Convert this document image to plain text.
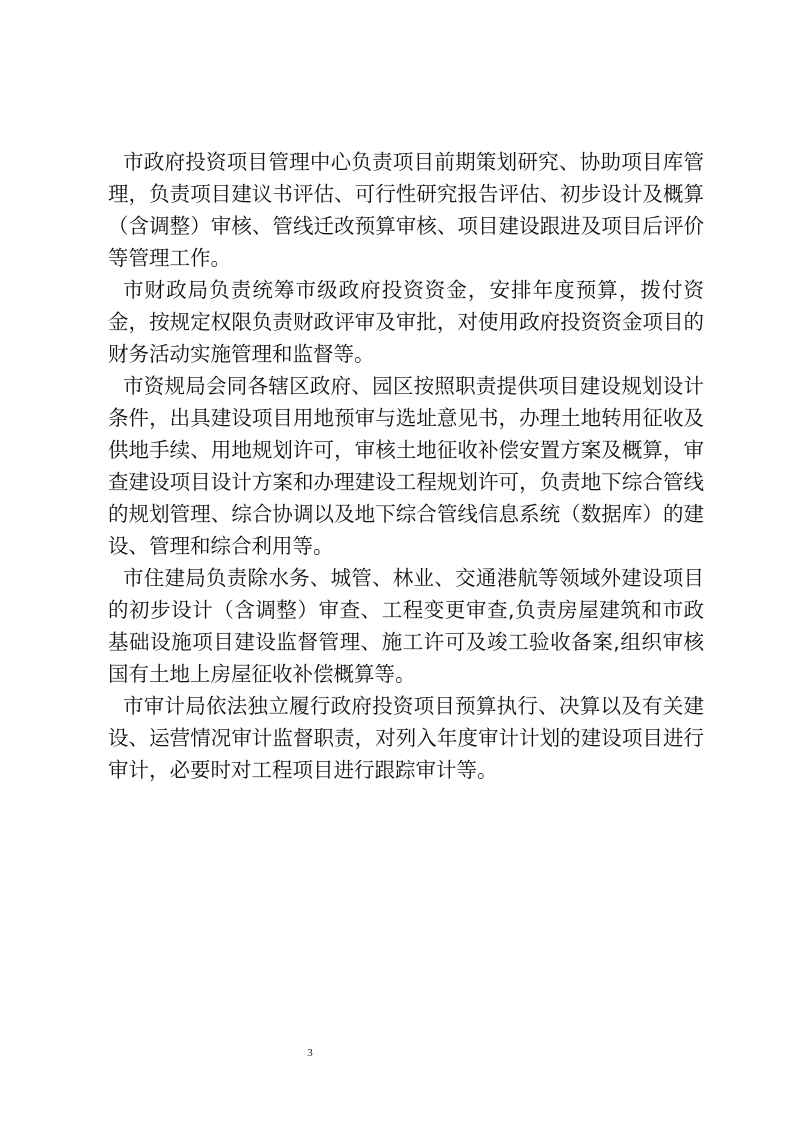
市政府投资项目管理中心负责项目前期策划研究、协助项目库管理，负责项目建议书评估、可行性研究报告评估、初步设计及概算（含调整）审核、管线迁改预算审核、项目建设跟进及项目后评价等管理工作。

市财政局负责统筹市级政府投资资金，安排年度预算，拨付资金，按规定权限负责财政评审及审批，对使用政府投资资金项目的财务活动实施管理和监督等。

市资规局会同各辖区政府、园区按照职责提供项目建设规划设计条件，出具建设项目用地预审与选址意见书，办理土地转用征收及供地手续、用地规划许可，审核土地征收补偿安置方案及概算，审查建设项目设计方案和办理建设工程规划许可，负责地下综合管线的规划管理、综合协调以及地下综合管线信息系统（数据库）的建设、管理和综合利用等。

市住建局负责除水务、城管、林业、交通港航等领域外建设项目的初步设计（含调整）审查、工程变更审查,负责房屋建筑和市政基础设施项目建设监督管理、施工许可及竣工验收备案,组织审核国有土地上房屋征收补偿概算等。

市审计局依法独立履行政府投资项目预算执行、决算以及有关建设、运营情况审计监督职责，对列入年度审计计划的建设项目进行审计，必要时对工程项目进行跟踪审计等。

3
